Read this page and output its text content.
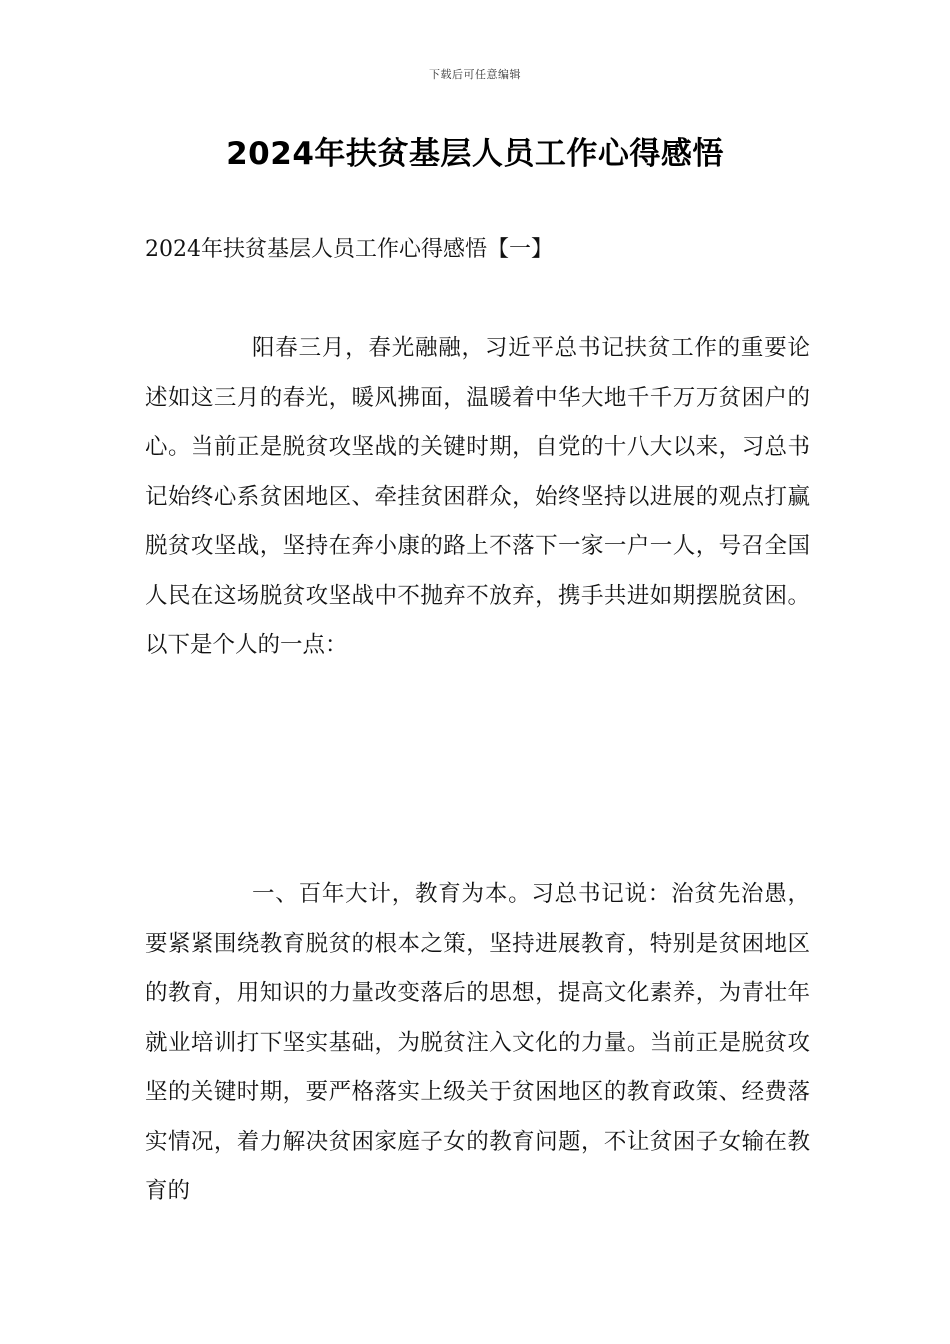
下载后可任意编辑
2024年扶贫基层人员工作心得感悟
2024年扶贫基层人员工作心得感悟【一】

阳春三月，春光融融，习近平总书记扶贫工作的重要论述如这三月的春光，暖风拂面，温暖着中华大地千千万万贫困户的心。当前正是脱贫攻坚战的关键时期，自党的十八大以来，习总书记始终心系贫困地区、牵挂贫困群众，始终坚持以进展的观点打赢脱贫攻坚战，坚持在奔小康的路上不落下一家一户一人，号召全国人民在这场脱贫攻坚战中不抛弃不放弃，携手共进如期摆脱贫困。以下是个人的一点：

一、百年大计，教育为本。习总书记说：治贫先治愚，要紧紧围绕教育脱贫的根本之策，坚持进展教育，特别是贫困地区的教育，用知识的力量改变落后的思想，提高文化素养，为青壮年就业培训打下坚实基础，为脱贫注入文化的力量。当前正是脱贫攻坚的关键时期，要严格落实上级关于贫困地区的教育政策、经费落实情况，着力解决贫困家庭子女的教育问题，不让贫困子女输在教育的
